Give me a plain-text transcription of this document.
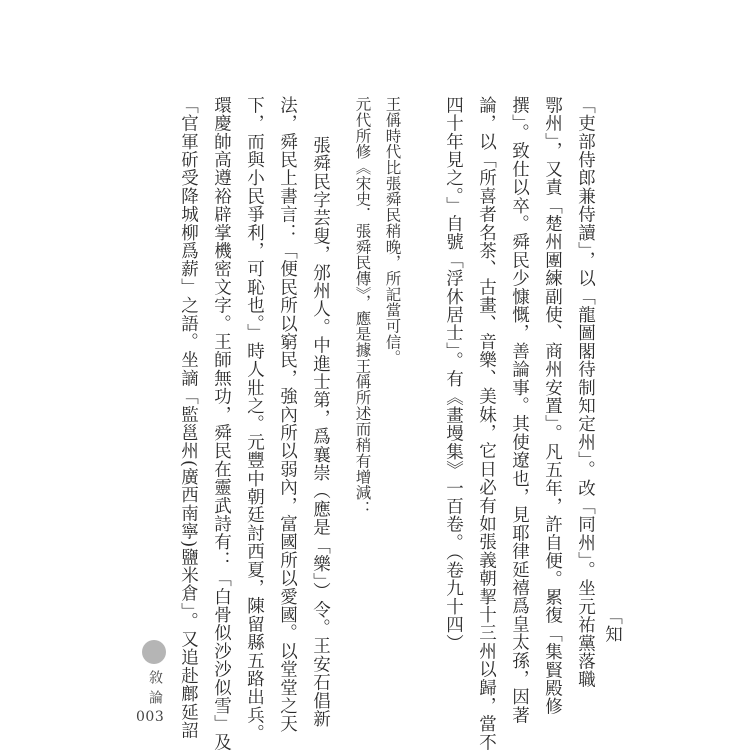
「知
「吏部侍郎兼侍讀」，以「龍圖閣待制知定州」。改「同州」。坐元祐黨落職
鄂州」，又責「楚州團練副使、商州安置」。凡五年，許自便。累復「集賢殿修
撰」。致仕以卒。舜民少慷慨，善論事。其使遼也，見耶律延禧爲皇太孫，因著
論，以「所喜者名茶、古畫、音樂、美妹，它日必有如張義朝挈十三州以歸，當不
四十年見之。」自號「浮休居士」。有《畫墁集》一百卷。（卷九十四）
王偁時代比張舜民稍晚，所記當可信。
元代所修《宋史．張舜民傳》，應是據王偁所述而稍有增減：
張舜民字芸叟，邠州人。中進士第，爲襄崇（應是「樂」）令。王安石倡新
法，舜民上書言：「便民所以窮民，強內所以弱內，富國所以愛國。以堂堂之天
下，而與小民爭利，可恥也。」時人壯之。元豐中朝廷討西夏，陳留縣五路出兵。
環慶帥高遵裕辟掌機密文字。王師無功，舜民在靈武詩有：「白骨似沙沙似雪」及
「官軍斫受降城柳爲薪」之語。坐謫「監邕州(廣西南寧)鹽米倉」。又追赴鄜延詔
敘論
003
